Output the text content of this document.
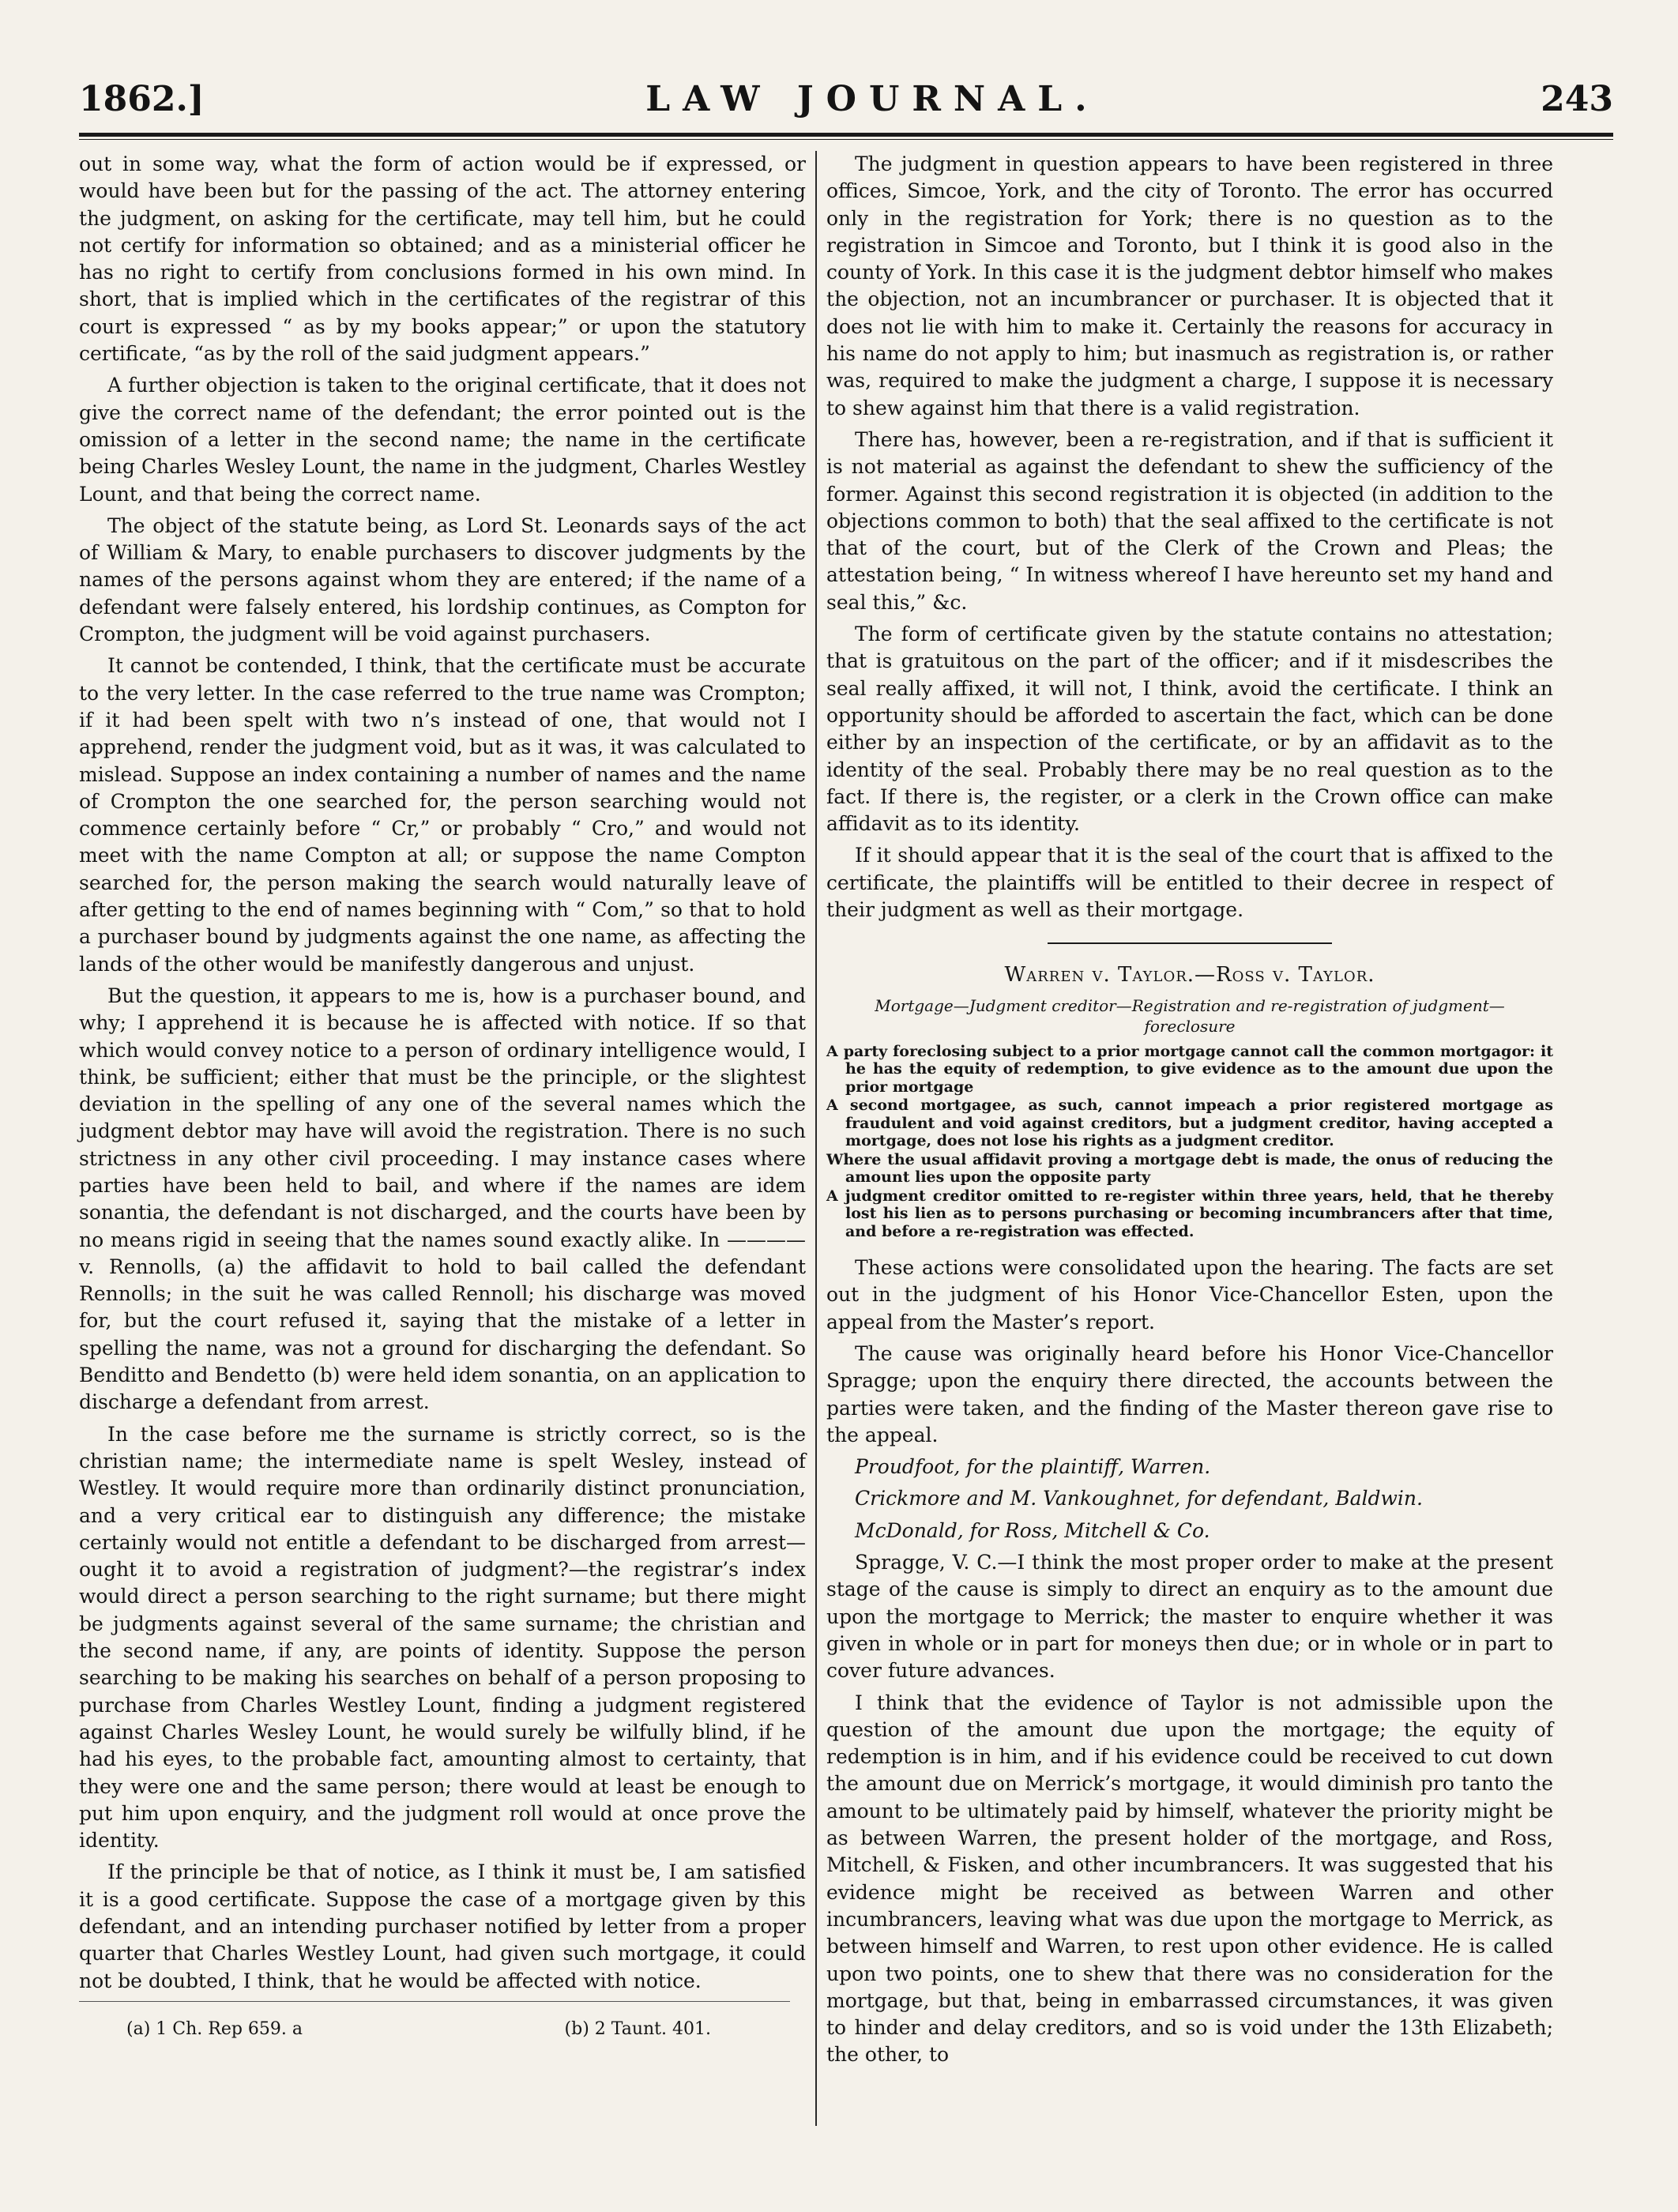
1862.]	LAW JOURNAL.	243

out in some way, what the form of action would be if expressed, or would have been but for the passing of the act. The attorney entering the judgment, on asking for the certificate, may tell him, but he could not certify for information so obtained; and as a ministerial officer he has no right to certify from conclusions formed in his own mind. In short, that is implied which in the certificates of the registrar of this court is expressed “ as by my books appear;” or upon the statutory certificate, “as by the roll of the said judgment appears.”

A further objection is taken to the original certificate, that it does not give the correct name of the defendant; the error pointed out is the omission of a letter in the second name; the name in the certificate being Charles Wesley Lount, the name in the judgment, Charles Westley Lount, and that being the correct name.

The object of the statute being, as Lord St. Leonards says of the act of William & Mary, to enable purchasers to discover judgments by the names of the persons against whom they are entered; if the name of a defendant were falsely entered, his lordship continues, as Compton for Crompton, the judgment will be void against purchasers.

It cannot be contended, I think, that the certificate must be accurate to the very letter. In the case referred to the true name was Crompton; if it had been spelt with two n’s instead of one, that would not I apprehend, render the judgment void, but as it was, it was calculated to mislead. Suppose an index containing a number of names and the name of Crompton the one searched for, the person searching would not commence certainly before “ Cr,” or probably “ Cro,” and would not meet with the name Compton at all; or suppose the name Compton searched for, the person making the search would naturally leave of after getting to the end of names beginning with “ Com,” so that to hold a purchaser bound by judgments against the one name, as affecting the lands of the other would be manifestly dangerous and unjust.

But the question, it appears to me is, how is a purchaser bound, and why; I apprehend it is because he is affected with notice. If so that which would convey notice to a person of ordinary intelligence would, I think, be sufficient; either that must be the principle, or the slightest deviation in the spelling of any one of the several names which the judgment debtor may have will avoid the registration. There is no such strictness in any other civil proceeding. I may instance cases where parties have been held to bail, and where if the names are idem sonantia, the defendant is not discharged, and the courts have been by no means rigid in seeing that the names sound exactly alike. In ———— v. Rennolls, (a) the affidavit to hold to bail called the defendant Rennolls; in the suit he was called Rennoll; his discharge was moved for, but the court refused it, saying that the mistake of a letter in spelling the name, was not a ground for discharging the defendant. So Benditto and Bendetto (b) were held idem sonantia, on an application to discharge a defendant from arrest.

In the case before me the surname is strictly correct, so is the christian name; the intermediate name is spelt Wesley, instead of Westley. It would require more than ordinarily distinct pronunciation, and a very critical ear to distinguish any difference; the mistake certainly would not entitle a defendant to be discharged from arrest—ought it to avoid a registration of judgment?—the registrar’s index would direct a person searching to the right surname; but there might be judgments against several of the same surname; the christian and the second name, if any, are points of identity. Suppose the person searching to be making his searches on behalf of a person proposing to purchase from Charles Westley Lount, finding a judgment registered against Charles Wesley Lount, he would surely be wilfully blind, if he had his eyes, to the probable fact, amounting almost to certainty, that they were one and the same person; there would at least be enough to put him upon enquiry, and the judgment roll would at once prove the identity.

If the principle be that of notice, as I think it must be, I am satisfied it is a good certificate. Suppose the case of a mortgage given by this defendant, and an intending purchaser notified by letter from a proper quarter that Charles Westley Lount, had given such mortgage, it could not be doubted, I think, that he would be affected with notice.

(a) 1 Ch. Rep 659. a	(b) 2 Taunt. 401.

The judgment in question appears to have been registered in three offices, Simcoe, York, and the city of Toronto. The error has occurred only in the registration for York; there is no question as to the registration in Simcoe and Toronto, but I think it is good also in the county of York. In this case it is the judgment debtor himself who makes the objection, not an incumbrancer or purchaser. It is objected that it does not lie with him to make it. Certainly the reasons for accuracy in his name do not apply to him; but inasmuch as registration is, or rather was, required to make the judgment a charge, I suppose it is necessary to shew against him that there is a valid registration.

There has, however, been a re-registration, and if that is sufficient it is not material as against the defendant to shew the sufficiency of the former. Against this second registration it is objected (in addition to the objections common to both) that the seal affixed to the certificate is not that of the court, but of the Clerk of the Crown and Pleas; the attestation being, “ In witness whereof I have hereunto set my hand and seal this,” &c.

The form of certificate given by the statute contains no attestation; that is gratuitous on the part of the officer; and if it misdescribes the seal really affixed, it will not, I think, avoid the certificate. I think an opportunity should be afforded to ascertain the fact, which can be done either by an inspection of the certificate, or by an affidavit as to the identity of the seal. Probably there may be no real question as to the fact. If there is, the register, or a clerk in the Crown office can make affidavit as to its identity.

If it should appear that it is the seal of the court that is affixed to the certificate, the plaintiffs will be entitled to their decree in respect of their judgment as well as their mortgage.

Warren v. Taylor.—Ross v. Taylor.
Mortgage—Judgment creditor—Registration and re-registration of judgment—foreclosure
A party foreclosing subject to a prior mortgage cannot call the common mortgagor: it he has the equity of redemption, to give evidence as to the amount due upon the prior mortgage
A second mortgagee, as such, cannot impeach a prior registered mortgage as fraudulent and void against creditors, but a judgment creditor, having accepted a mortgage, does not lose his rights as a judgment creditor.
Where the usual affidavit proving a mortgage debt is made, the onus of reducing the amount lies upon the opposite party
A judgment creditor omitted to re-register within three years, held, that he thereby lost his lien as to persons purchasing or becoming incumbrancers after that time, and before a re-registration was effected.

These actions were consolidated upon the hearing. The facts are set out in the judgment of his Honor Vice-Chancellor Esten, upon the appeal from the Master’s report.

The cause was originally heard before his Honor Vice-Chancellor Spragge; upon the enquiry there directed, the accounts between the parties were taken, and the finding of the Master thereon gave rise to the appeal.

Proudfoot, for the plaintiff, Warren.

Crickmore and M. Vankoughnet, for defendant, Baldwin.

McDonald, for Ross, Mitchell & Co.

Spragge, V. C.—I think the most proper order to make at the present stage of the cause is simply to direct an enquiry as to the amount due upon the mortgage to Merrick; the master to enquire whether it was given in whole or in part for moneys then due; or in whole or in part to cover future advances.

I think that the evidence of Taylor is not admissible upon the question of the amount due upon the mortgage; the equity of redemption is in him, and if his evidence could be received to cut down the amount due on Merrick’s mortgage, it would diminish pro tanto the amount to be ultimately paid by himself, whatever the priority might be as between Warren, the present holder of the mortgage, and Ross, Mitchell, & Fisken, and other incumbrancers. It was suggested that his evidence might be received as between Warren and other incumbrancers, leaving what was due upon the mortgage to Merrick, as between himself and Warren, to rest upon other evidence. He is called upon two points, one to shew that there was no consideration for the mortgage, but that, being in embarrassed circumstances, it was given to hinder and delay creditors, and so is void under the 13th Elizabeth; the other, to
